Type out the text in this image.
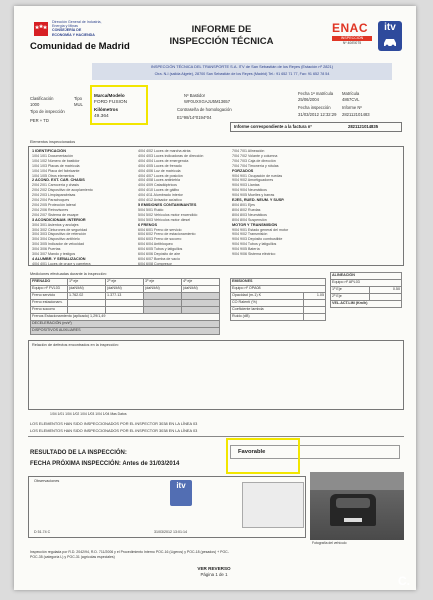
Dirección General de Industria,
Energía y Minas
CONSEJERÍA DE
ECONOMÍA Y HACIENDA
Comunidad de Madrid
INFORME DE
INSPECCIÓN TÉCNICA
ENAC
INSPECCIÓN
Nº 40/EI075
itv
INSPECCIÓN TÉCNICA DEL TRANSPORTE S.A. ITV de San Sebastián de los Reyes (Estación nº 2821)
Ctra. N-I (salida Algete), 28700 San Sebastián de los Reyes (Madrid) Tel.: 91 652 71 77, Fax: 91 652 78 54
Clasificación
1000
Tipo
MUL
Tipo de inspección
PER + TD
Marca/Modelo
FORD FUSION
Kilómetros
49.364
Nº Bastidor
WF0UXXGAJU5M13657
Contraseña de homologación
E1*98/14*0194*04
Fecha 1ª matrícula
25/06/2004
Matrícula
4867CVL
Fecha inspección
31/03/2012 12:32:29
Informe Nº
282112101483
Informe correspondiente a la factura nº	2821121014835
Elementos inspeccionados

1 IDENTIFICACIÓN

1/04 1/01 Documentación

1/04 1/02 Número de bastidor

1/04 1/03 Placas de matrícula

1/04 1/04 Placa del fabricante

1/04 1/05 Otros elementos

2 ACOND. EXT. CAR. CHASIS

2/04 2/01 Carrocería y chasis

2/04 2/02 Dispositivo de acoplamiento

2/04 2/03 Limpiaparabrisas

2/04 2/04 Parachoques

2/04 2/05 Protección lateral

2/04 2/06 Retrovisores

2/04 2/07 Sistema de escape

3 ACONDICIONAM. INTERIOR

3/04 3/01 Asientos y anclajes

3/04 3/02 Cinturones de seguridad

3/04 3/03 Dispositivo de retención

3/04 3/04 Dispositivo antihielo

3/04 3/05 Indicador de velocidad

3/04 3/06 Puertas

3/04 3/07 Mando y testigos

4 ALUMBR. Y SEÑALIZACIÓN

4/04 4/01 Luces de cruce y carretera

4/04 4/02 Luces de marcha atrás

4/04 4/03 Luces indicadoras de dirección

4/04 4/04 Luces de emergencia

4/04 4/05 Luces de frenado

4/04 4/06 Luz de matrícula

4/04 4/07 Luces de posición

4/04 4/08 Luces antiniebla

4/04 4/09 Catadióptricos

4/04 4/10 Luces de gálibo

4/04 4/11 Alumbrado interior

4/04 4/12 Avisador acústico

5 EMISIONES CONTAMINANTES

5/04 5/01 Ruido

5/04 5/02 Vehículos motor encendido

5/04 5/03 Vehículos motor diesel

6 FRENOS

6/04 6/01 Freno de servicio

6/04 6/02 Freno de estacionamiento

6/04 6/03 Freno de socorro

6/04 6/04 Antibloqueo

6/04 6/05 Tubos y latiguillos

6/04 6/06 Depósito de aire

6/04 6/07 Bomba de vacío

6/04 6/08 Compresor

7/04 7/01 Alineación

7/04 7/02 Volante y columna

7/04 7/03 Caja de dirección

7/04 7/04 Timonería y rótulas

FORZADOS

9/04 9/01 Ocupación de ruedas

9/04 9/02 Amortiguadores

9/04 9/03 Llantas

9/04 9/04 Neumáticos

9/04 9/05 Muelles y barras

EJES, RUED. NEUM. Y SUSP.

8/04 8/01 Ejes

8/04 8/02 Ruedas

8/04 8/03 Neumáticos

8/04 8/04 Suspensión

MOTOR Y TRANSMISIÓN

9/04 9/01 Estado general del motor

9/04 9/02 Transmisión

9/04 9/03 Depósito combustible

9/04 9/04 Tubos y latiguillos

9/04 9/05 Batería

9/04 9/06 Sistema eléctrico

Mediciones efectuadas durante la inspección:
FRENADO	1º eje	2º eje	3º eje	4º eje
Equipo nº FVL03	(daN/kN)	(daN/kN)	(daN/kN)	(daN/kN)
Freno servicio	1.762.02	1.377.13		
Freno estacionam.				
Freno socorro				
Frenos Estacionamiento (aplicado) 1,29/1,49				
DECELERACIÓN (m/s²)				
DISPOSITIVOS AUXILIARES				
EMISIONES	
Equipo nº OPA08	
Opacidad (m-1) K	1.05
CO Ralentí (%)	
Coeficiente lambda	
Ruido (dB)	
ALINEACIÓN	
Equipo nº APL03	
1º Eje	0.50
2º Eje	
VEL.ACT.LIM (Km/h)	
Relación de defectos encontrados en la inspección:
1/04 1/01 1/04 1/02 1/04 1/03 1/04 1/04 Mas Datos
LOS ELEMENTOS HAN SIDO INSPECCIONADOS POR EL INSPECTOR 3038 EN LA LÍNEA 03
LOS ELEMENTOS HAN SIDO INSPECCIONADOS POR EL INSPECTOR 3038 EN LA LÍNEA 03
RESULTADO DE LA INSPECCIÓN:	Favorable
FECHA PRÓXIMA INSPECCIÓN: Antes de 31/03/2014
Observaciones	itv
D 51.74 C	31/03/2012 13:01:14
Fotografía del vehículo
Inspección regulada por R.D. 2042/94, R.D. 711/2006 y el Procedimiento Interno POC-16 (Ligeros) y POC-18 (pesados) + POC-
POC-35 (categoría L) y POC-31 (agrícolas especiales)
VER REVERSO
Página 1 de 1	C.
